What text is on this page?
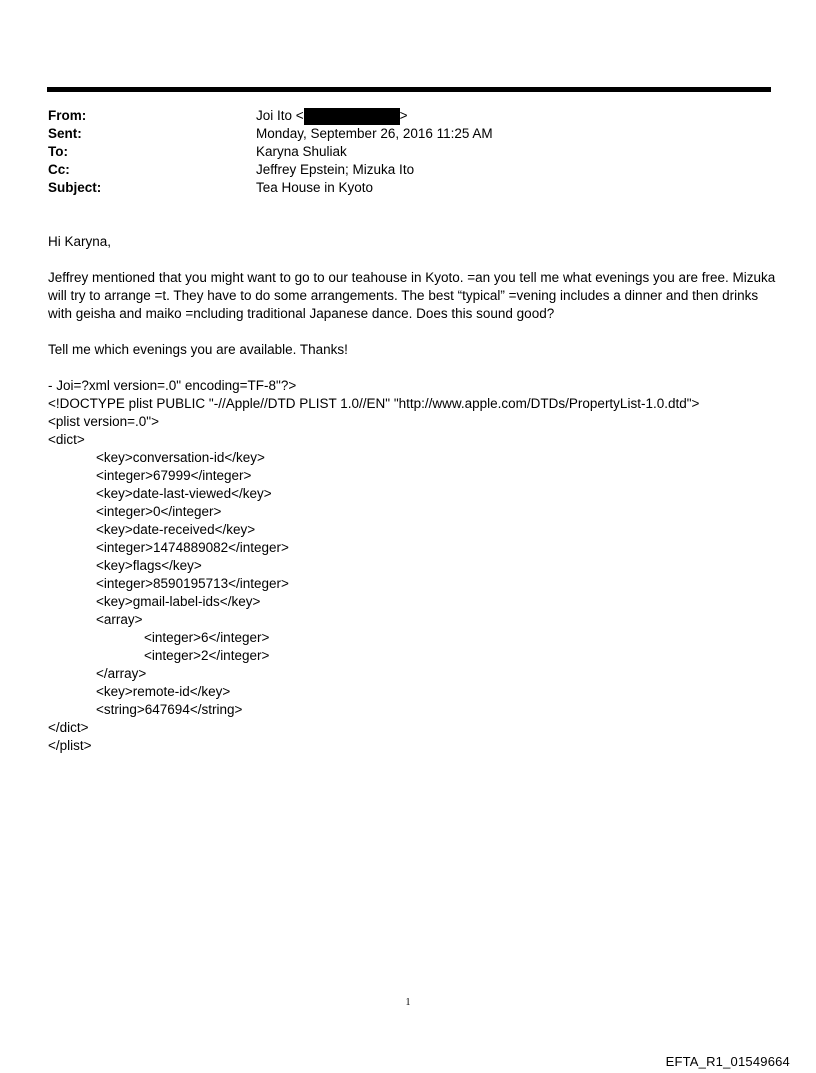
From:	Joi Ito <	>
Sent:	Monday, September 26, 2016 11:25 AM
To:	Karyna Shuliak
Cc:	Jeffrey Epstein; Mizuka Ito
Subject:	Tea House in Kyoto

Hi Karyna,

Jeffrey mentioned that you might want to go to our teahouse in Kyoto. =an you tell me what evenings you are free. Mizuka will try to arrange =t. They have to do some arrangements. The best “typical” =vening includes a dinner and then drinks with geisha and maiko =ncluding traditional Japanese dance. Does this sound good?

Tell me which evenings you are available. Thanks!

- Joi=?xml version=.0" encoding=TF-8"?>
<!DOCTYPE plist PUBLIC "-//Apple//DTD PLIST 1.0//EN" "http://www.apple.com/DTDs/PropertyList-1.0.dtd">
<plist version=.0">
<dict>
<key>conversation-id</key>
<integer>67999</integer>
<key>date-last-viewed</key>
<integer>0</integer>
<key>date-received</key>
<integer>1474889082</integer>
<key>flags</key>
<integer>8590195713</integer>
<key>gmail-label-ids</key>
<array>
<integer>6</integer>
<integer>2</integer>
</array>
<key>remote-id</key>
<string>647694</string>
</dict>
</plist>
1
EFTA_R1_01549664
